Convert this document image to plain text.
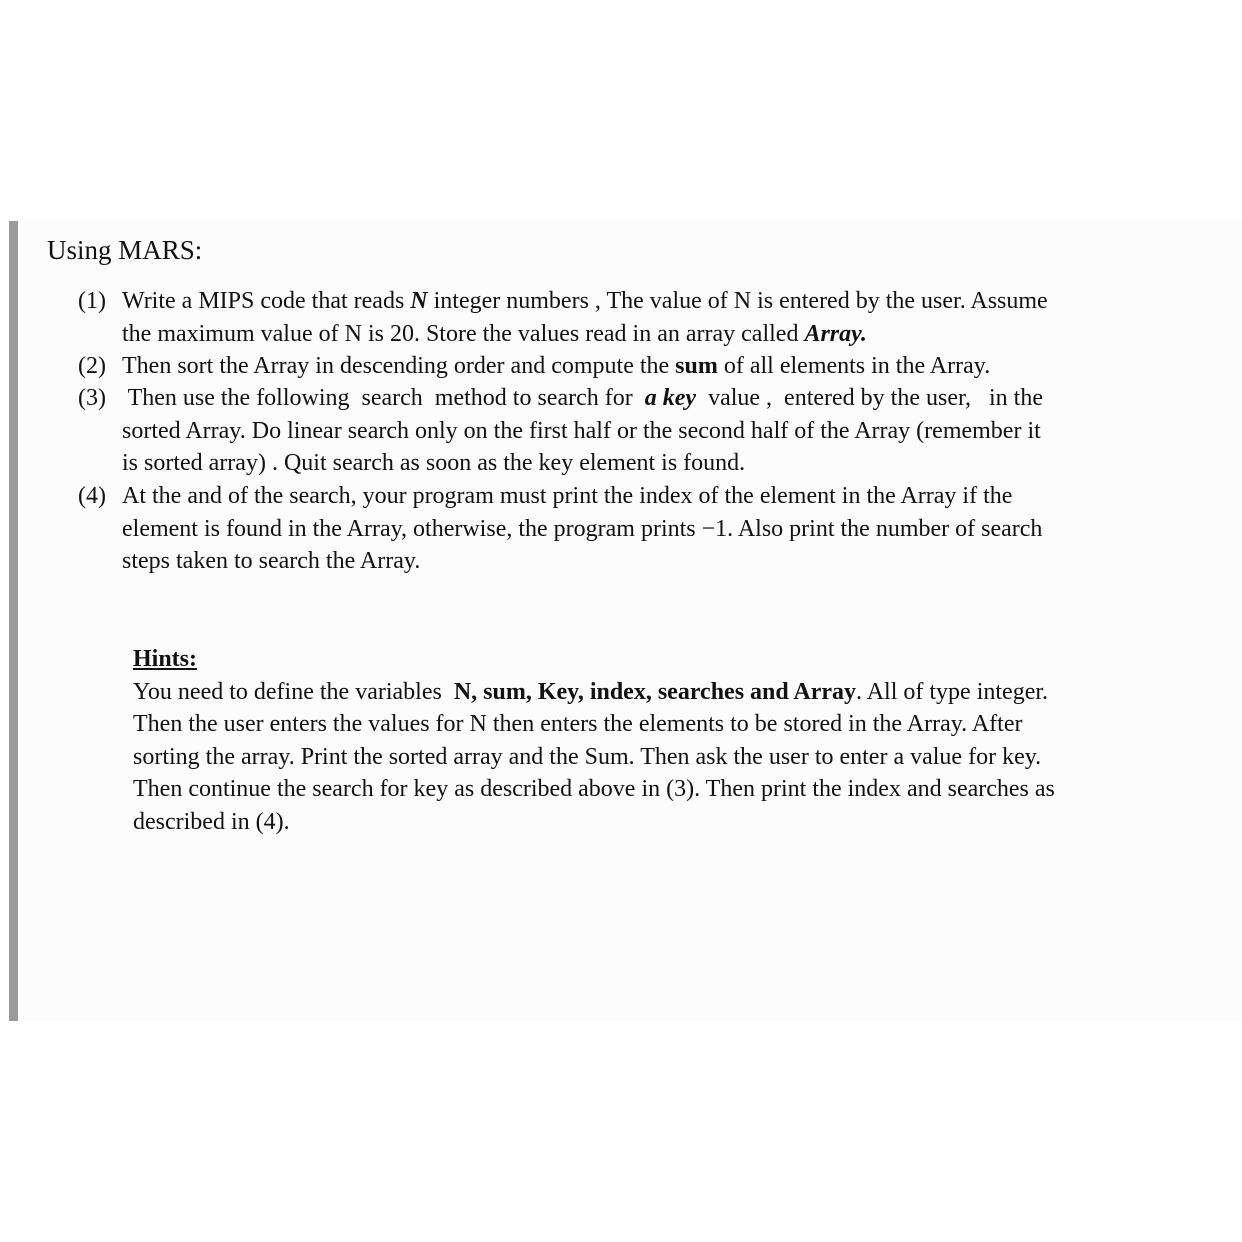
Using MARS:
(1) Write a MIPS code that reads N integer numbers , The value of N is entered by the user. Assume
the maximum value of N is 20. Store the values read in an array called Array.
(2) Then sort the Array in descending order and compute the sum of all elements in the Array.
(3) Then use the following  search  method to search for  a key  value ,  entered by the user,   in the
sorted Array. Do linear search only on the first half or the second half of the Array (remember it
is sorted array) . Quit search as soon as the key element is found.
(4) At the and of the search, your program must print the index of the element in the Array if the
element is found in the Array, otherwise, the program prints −1. Also print the number of search
steps taken to search the Array.
Hints:
You need to define the variables  N, sum, Key, index, searches and Array. All of type integer.
Then the user enters the values for N then enters the elements to be stored in the Array. After
sorting the array. Print the sorted array and the Sum. Then ask the user to enter a value for key.
Then continue the search for key as described above in (3). Then print the index and searches as
described in (4).
